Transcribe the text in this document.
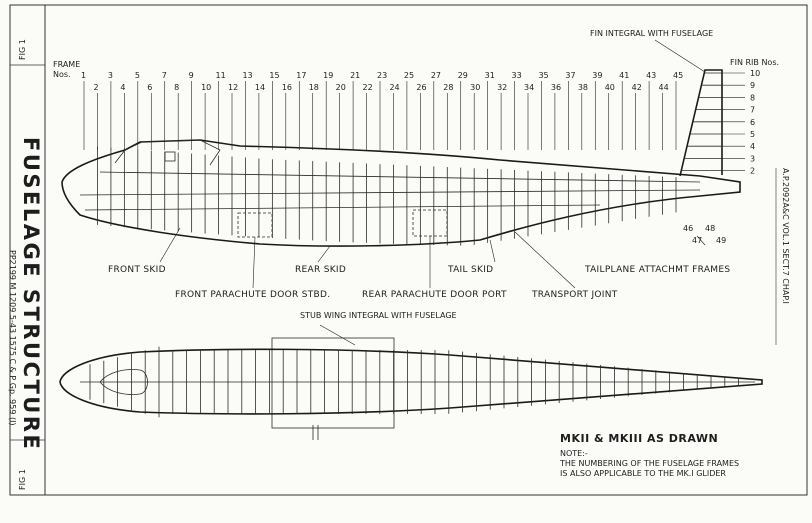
FIG 1
FIG 1
FUSELAGE STRUCTURE
PP2199 M 1209 5-43 1575 C & P Gp. 959 (I)
A.P.2092A&C VOL.1 SECT.7 CHAP.I
FRAME
Nos. 1	3	5	7	9	11 13 15 17 19 21 23 25 27 29 31 33 35 37 39 41 43 45
2	4	6	8	10 12 14 16 18 20 22 24 26 28 30 32 34 36 38 40 42 44
FIN INTEGRAL WITH FUSELAGE
FIN RIB Nos.
10
9
8
7
6
5
4
3
2
46 48
47 49
FRONT SKID	REAR SKID	TAIL SKID	TAILPLANE ATTACHMT FRAMES
FRONT PARACHUTE DOOR STBD.	REAR PARACHUTE DOOR PORT	TRANSPORT JOINT
STUB WING INTEGRAL WITH FUSELAGE
MKII & MKIII AS DRAWN
NOTE:-
THE NUMBERING OF THE FUSELAGE FRAMES
IS ALSO APPLICABLE TO THE MK.I GLIDER
